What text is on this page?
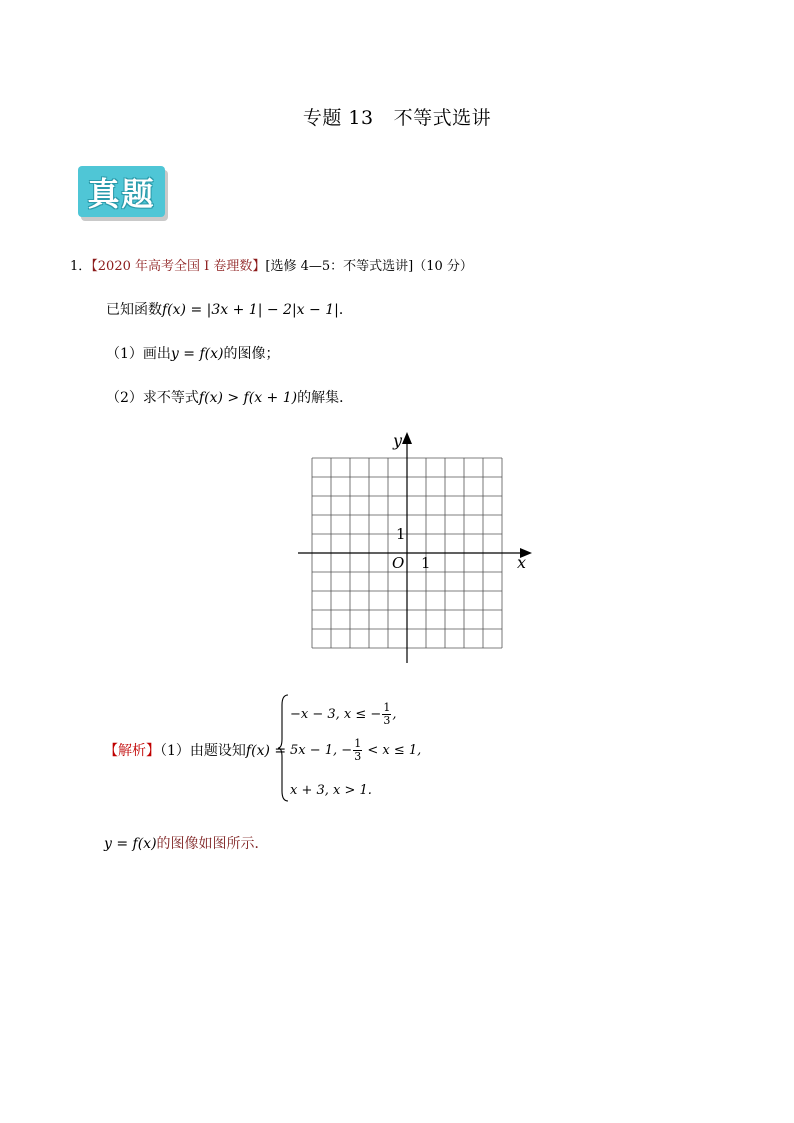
专题 13 不等式选讲
真题
1．【2020 年高考全国 I 卷理数】[选修 4—5：不等式选讲]（10 分）
已知函数f(x) = |3x + 1| − 2|x − 1|．
（1）画出y = f(x)的图像；
（2）求不等式f(x) > f(x + 1)的解集．
y
x
O 1
1
【解析】（1）由题设知f(x) =
−x − 3, x ≤ − $\frac{1}{3}$ ,
5x − 1, − $\frac{1}{3} < x \le 1$,
x + 3, x > 1.
y = f(x)的图像如图所示．
